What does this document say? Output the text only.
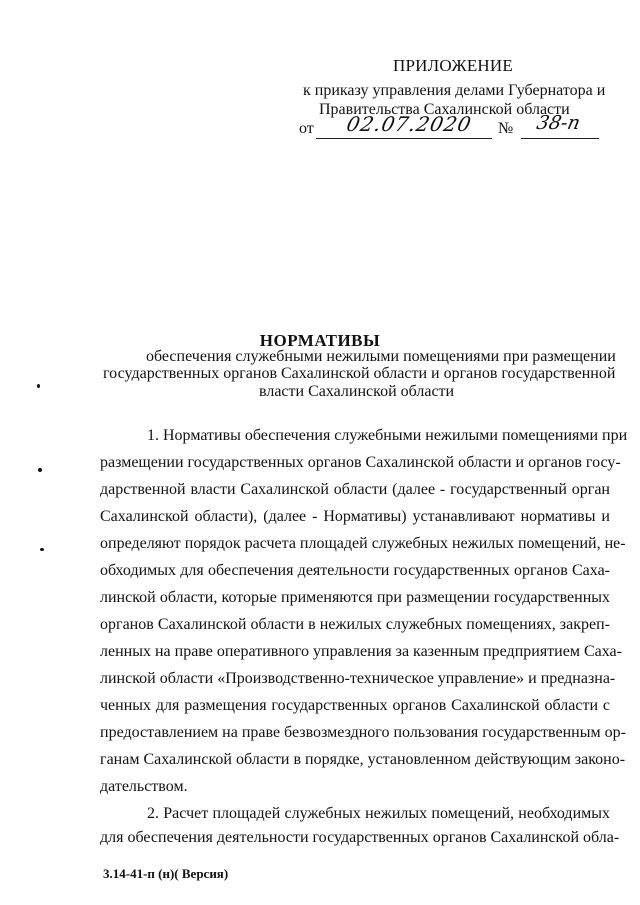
ПРИЛОЖЕНИЕ
к приказу управления делами Губернатора и
Правительства Сахалинской области
от 02.07.2020 № 38-п
НОРМАТИВЫ
обеспечения служебными нежилыми помещениями при размещении
государственных органов Сахалинской области и органов государственной
власти Сахалинской области
1. Нормативы обеспечения служебными нежилыми помещениями при
размещении государственных органов Сахалинской области и органов госу-
дарственной власти Сахалинской области (далее - государственный орган
Сахалинской области), (далее - Нормативы) устанавливают нормативы и
определяют порядок расчета площадей служебных нежилых помещений, не-
обходимых для обеспечения деятельности государственных органов Саха-
линской области, которые применяются при размещении государственных
органов Сахалинской области в нежилых служебных помещениях, закреп-
ленных на праве оперативного управления за казенным предприятием Саха-
линской области «Производственно-техническое управление» и предназна-
ченных для размещения государственных органов Сахалинской области с
предоставлением на праве безвозмездного пользования государственным ор-
ганам Сахалинской области в порядке, установленном действующим законо-
дательством.
2. Расчет площадей служебных нежилых помещений, необходимых
для обеспечения деятельности государственных органов Сахалинской обла-
3.14-41-п (н)( Версия)
